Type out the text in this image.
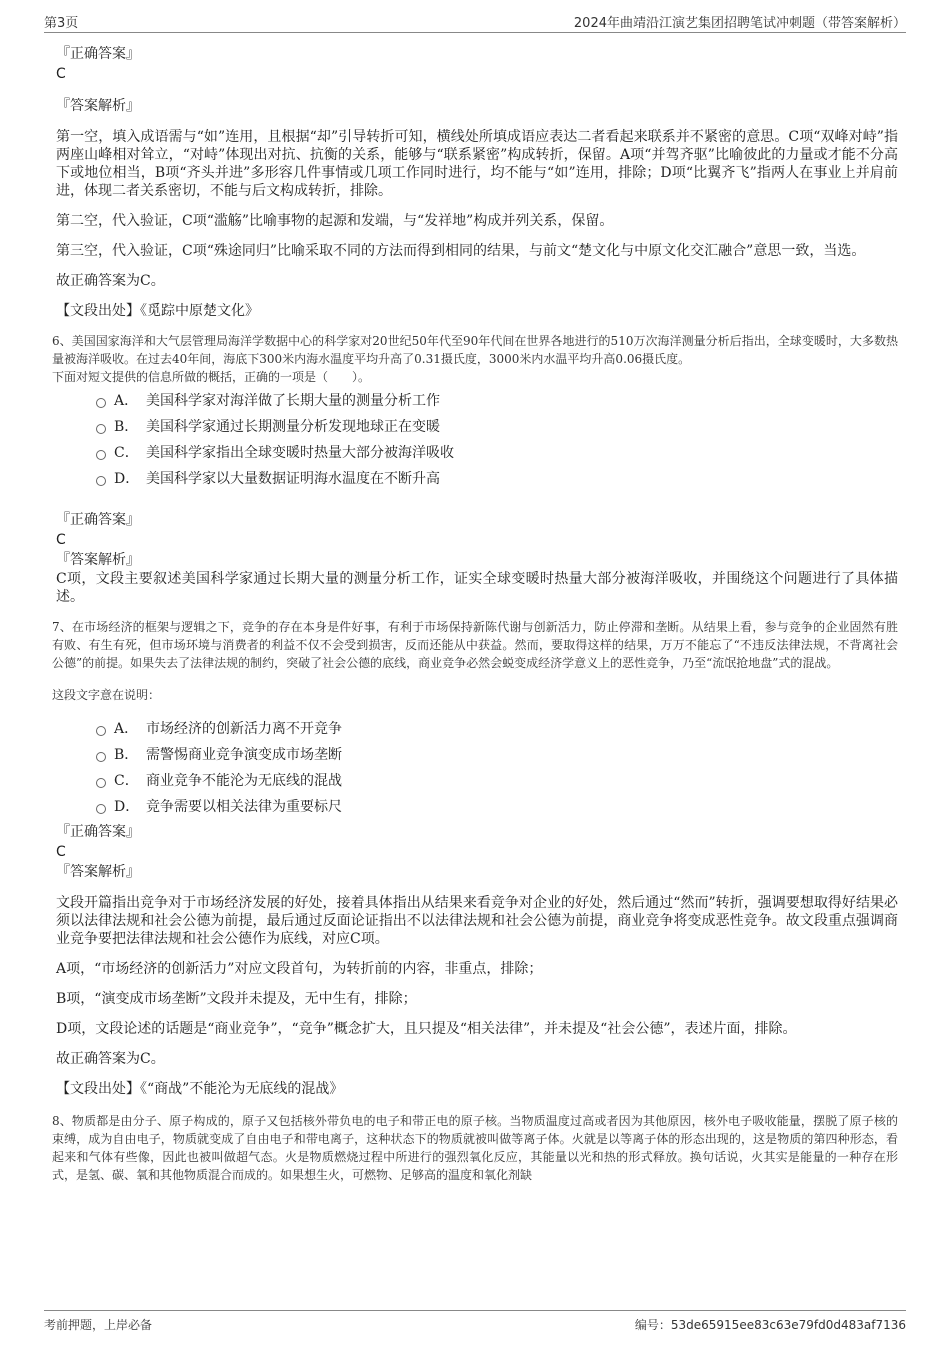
第3页	2024年曲靖沿江演艺集团招聘笔试冲刺题（带答案解析）
『正确答案』
C
『答案解析』
第一空，填入成语需与“如”连用，且根据“却”引导转折可知，横线处所填成语应表达二者看起来联系并不紧密的意思。C项“双峰对峙”指两座山峰相对耸立，“对峙”体现出对抗、抗衡的关系，能够与“联系紧密”构成转折，保留。A项“并驾齐驱”比喻彼此的力量或才能不分高下或地位相当，B项“齐头并进”多形容几件事情或几项工作同时进行，均不能与“如”连用，排除；D项“比翼齐飞”指两人在事业上并肩前进，体现二者关系密切，不能与后文构成转折，排除。
第二空，代入验证，C项“滥觞”比喻事物的起源和发端，与“发祥地”构成并列关系，保留。
第三空，代入验证，C项“殊途同归”比喻采取不同的方法而得到相同的结果，与前文“楚文化与中原文化交汇融合”意思一致，当选。
故正确答案为C。
【文段出处】《觅踪中原楚文化》
6、美国国家海洋和大气层管理局海洋学数据中心的科学家对20世纪50年代至90年代间在世界各地进行的510万次海洋测量分析后指出，全球变暖时，大多数热量被海洋吸收。在过去40年间，海底下300米内海水温度平均升高了0.31摄氏度，3000米内水温平均升高0.06摄氏度。
下面对短文提供的信息所做的概括，正确的一项是（　　）。
A． 美国科学家对海洋做了长期大量的测量分析工作
B． 美国科学家通过长期测量分析发现地球正在变暖
C． 美国科学家指出全球变暖时热量大部分被海洋吸收
D． 美国科学家以大量数据证明海水温度在不断升高
『正确答案』
C
『答案解析』
C项，文段主要叙述美国科学家通过长期大量的测量分析工作，证实全球变暖时热量大部分被海洋吸收，并围绕这个问题进行了具体描述。
7、在市场经济的框架与逻辑之下，竞争的存在本身是件好事，有利于市场保持新陈代谢与创新活力，防止停滞和垄断。从结果上看，参与竞争的企业固然有胜有败、有生有死，但市场环境与消费者的利益不仅不会受到损害，反而还能从中获益。然而，要取得这样的结果，万万不能忘了“不违反法律法规，不背离社会公德”的前提。如果失去了法律法规的制约，突破了社会公德的底线，商业竞争必然会蜕变成经济学意义上的恶性竞争，乃至“流氓抢地盘”式的混战。
这段文字意在说明：
A． 市场经济的创新活力离不开竞争
B． 需警惕商业竞争演变成市场垄断
C． 商业竞争不能沦为无底线的混战
D． 竞争需要以相关法律为重要标尺
『正确答案』
C
『答案解析』
文段开篇指出竞争对于市场经济发展的好处，接着具体指出从结果来看竞争对企业的好处，然后通过“然而”转折，强调要想取得好结果必须以法律法规和社会公德为前提，最后通过反面论证指出不以法律法规和社会公德为前提，商业竞争将变成恶性竞争。故文段重点强调商业竞争要把法律法规和社会公德作为底线，对应C项。
A项，“市场经济的创新活力”对应文段首句，为转折前的内容，非重点，排除；
B项，“演变成市场垄断”文段并未提及，无中生有，排除；
D项，文段论述的话题是“商业竞争”，“竞争”概念扩大，且只提及“相关法律”，并未提及“社会公德”，表述片面，排除。
故正确答案为C。
【文段出处】《“商战”不能沦为无底线的混战》
8、物质都是由分子、原子构成的，原子又包括核外带负电的电子和带正电的原子核。当物质温度过高或者因为其他原因，核外电子吸收能量，摆脱了原子核的束缚，成为自由电子，物质就变成了自由电子和带电离子，这种状态下的物质就被叫做等离子体。火就是以等离子体的形态出现的，这是物质的第四种形态，看起来和气体有些像，因此也被叫做超气态。火是物质燃烧过程中所进行的强烈氧化反应，其能量以光和热的形式释放。换句话说，火其实是能量的一种存在形式，是氢、碳、氧和其他物质混合而成的。如果想生火，可燃物、足够高的温度和氧化剂缺
考前押题，上岸必备	编号：53de65915ee83c63e79fd0d483af7136
